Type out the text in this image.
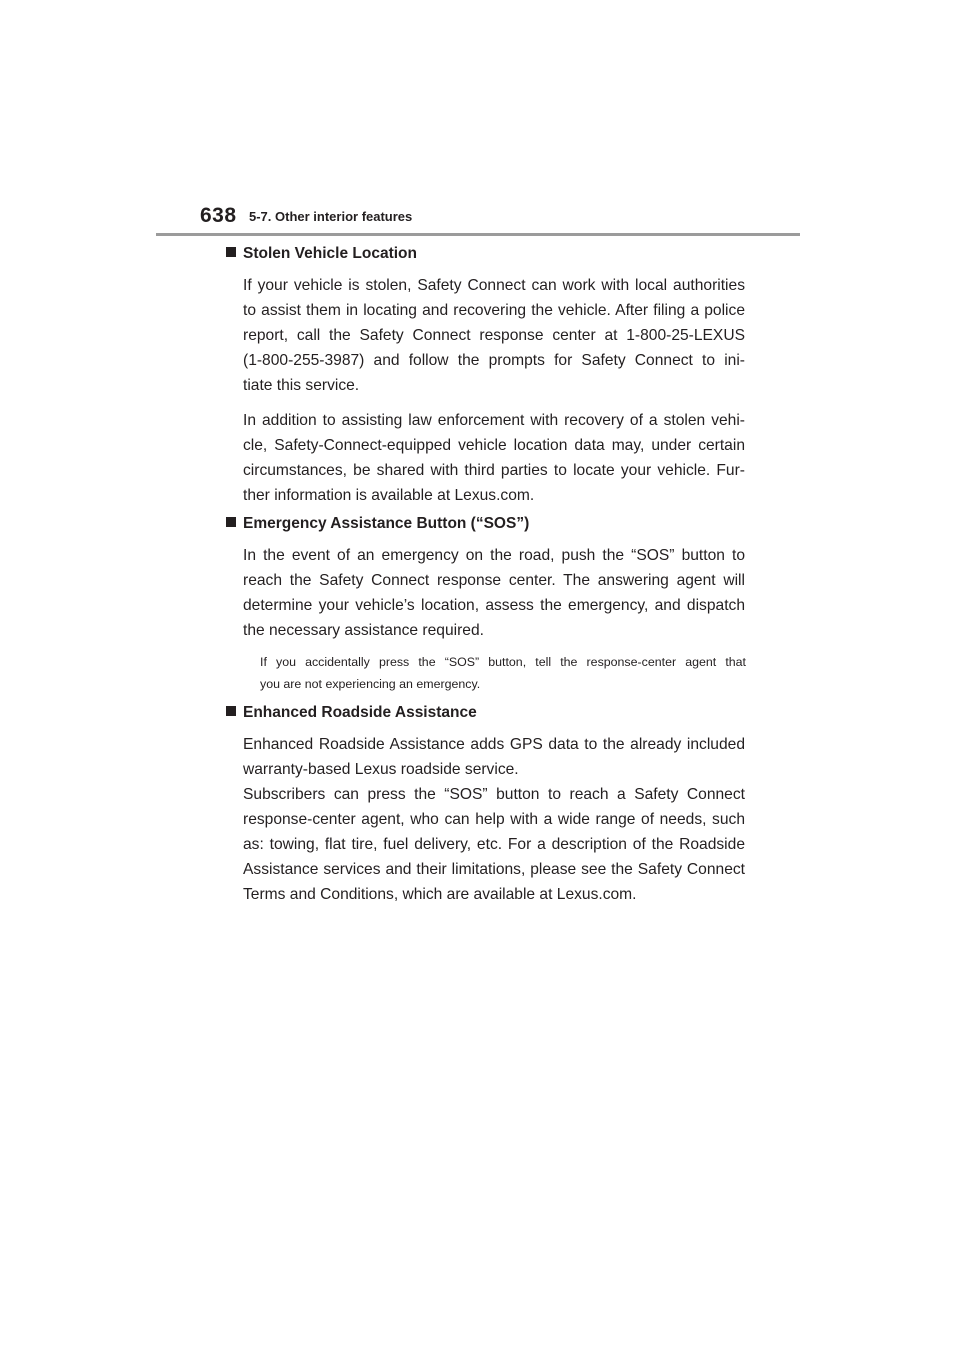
638 5-7. Other interior features
Stolen Vehicle Location
If your vehicle is stolen, Safety Connect can work with local authorities
to assist them in locating and recovering the vehicle. After filing a police
report, call the Safety Connect response center at 1-800-25-LEXUS
(1-800-255-3987) and follow the prompts for Safety Connect to ini-
tiate this service.
In addition to assisting law enforcement with recovery of a stolen vehi-
cle, Safety-Connect-equipped vehicle location data may, under certain
circumstances, be shared with third parties to locate your vehicle. Fur-
ther information is available at Lexus.com.
Emergency Assistance Button (“SOS”)
In the event of an emergency on the road, push the “SOS” button to
reach the Safety Connect response center. The answering agent will
determine your vehicle’s location, assess the emergency, and dispatch
the necessary assistance required.
If you accidentally press the “SOS” button, tell the response-center agent that
you are not experiencing an emergency.
Enhanced Roadside Assistance
Enhanced Roadside Assistance adds GPS data to the already included
warranty-based Lexus roadside service.
Subscribers can press the “SOS” button to reach a Safety Connect
response-center agent, who can help with a wide range of needs, such
as: towing, flat tire, fuel delivery, etc. For a description of the Roadside
Assistance services and their limitations, please see the Safety Connect
Terms and Conditions, which are available at Lexus.com.
